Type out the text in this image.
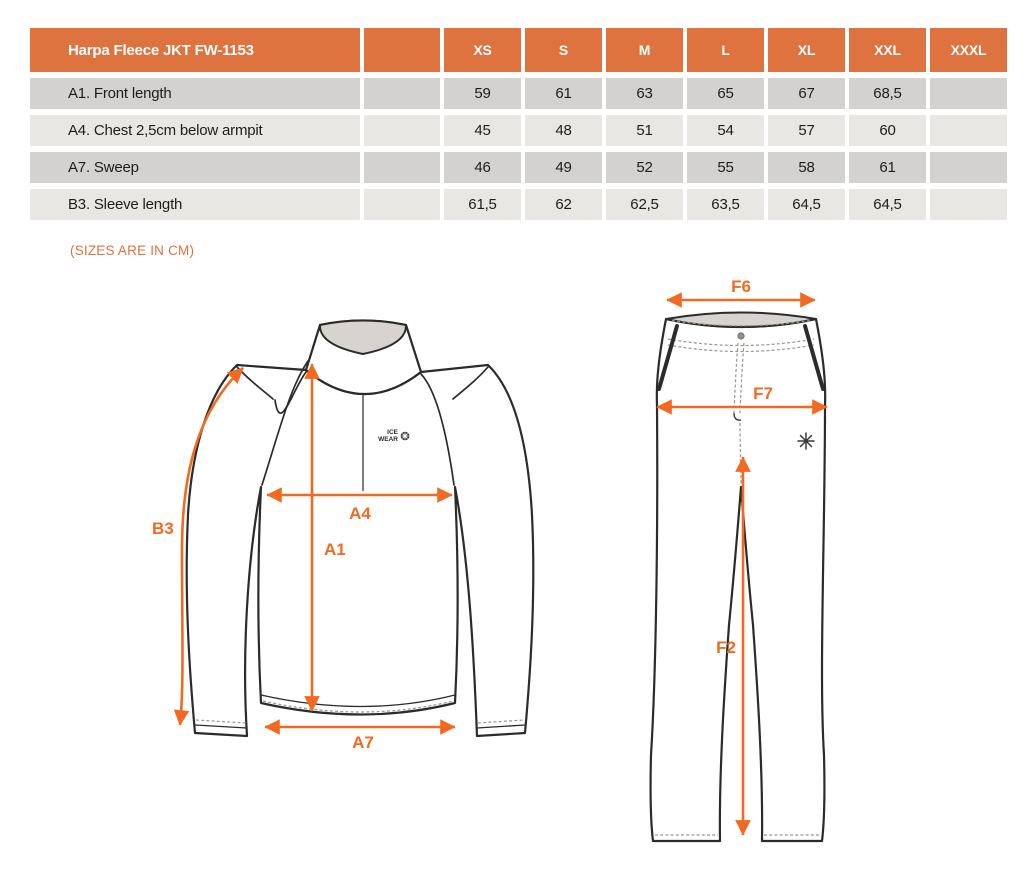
Harpa Fleece JKT FW-1153	XS	S	M	L	XL	XXL	XXXL
A1. Front length	59	61	63	65	67	68,5
A4. Chest 2,5cm below armpit	45	48	51	54	57	60
A7. Sweep	46	49	52	55	58	61
B3. Sleeve length	61,5	62	62,5	63,5	64,5	64,5
(SIZES ARE IN CM)
ICE
WEAR
B3
A1
A4
A7
F6
F7
F2
